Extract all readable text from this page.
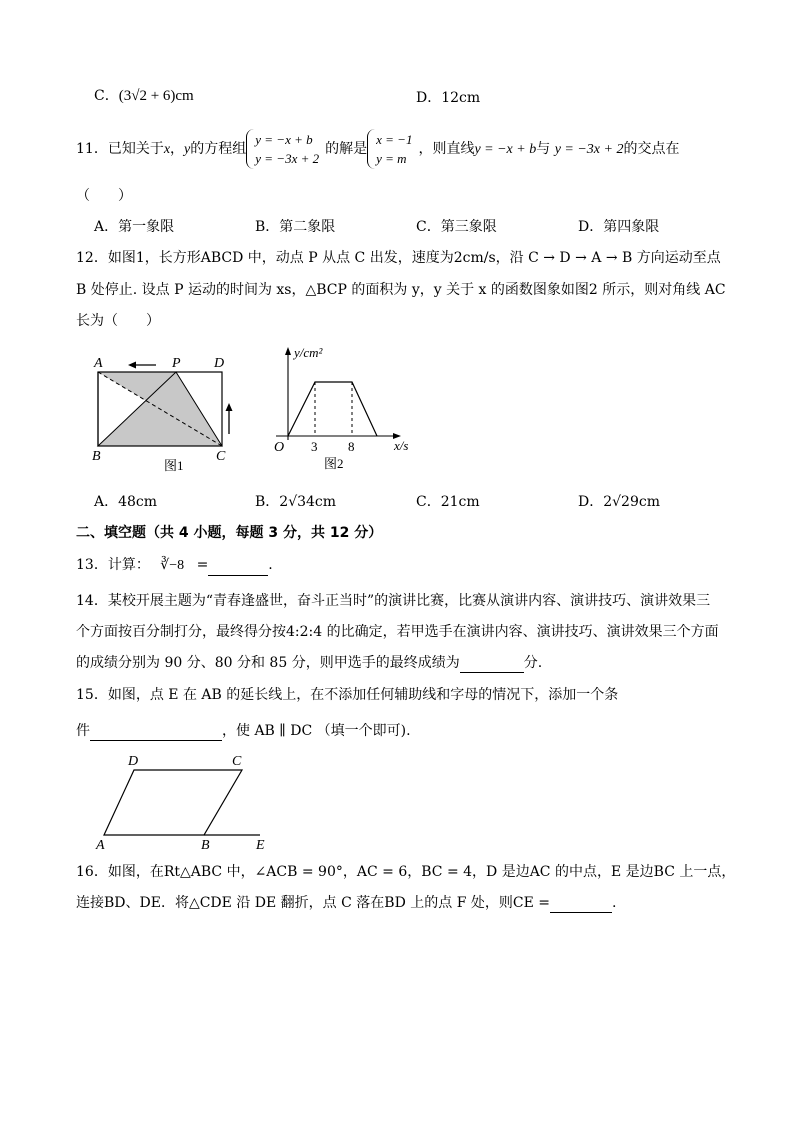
C．(3√2 + 6)cm	D．12cm
11．已知关于x，y的方程组
y = −x + b
y = −3x + 2
的解是
x = −1
y = m
，则直线y = −x + b与 y = −3x + 2的交点在
（　　）
A．第一象限	B．第二象限	C．第三象限	D．第四象限
12．如图1，长方形ABCD 中，动点 P 从点 C 出发，速度为2cm/s，沿 C → D → A → B 方向运动至点
B 处停止. 设点 P 运动的时间为 xs，△BCP 的面积为 y，y 关于 x 的函数图象如图2 所示，则对角线 AC
长为（　　）
A	P D
B	C
图1
y/cm²
x/s
O 3 8
图2
A．48cm	B．2√34cm	C．21cm	D．2√29cm
二、填空题（共 4 小题，每题 3 分，共 12 分）
13．计算： ∛−8 =	.
14．某校开展主题为“青春逢盛世，奋斗正当时”的演讲比赛，比赛从演讲内容、演讲技巧、演讲效果三
个方面按百分制打分，最终得分按4:2:4 的比确定，若甲选手在演讲内容、演讲技巧、演讲效果三个方面
的成绩分别为 90 分、80 分和 85 分，则甲选手的最终成绩为	分.
15．如图，点 E 在 AB 的延长线上，在不添加任何辅助线和字母的情况下，添加一个条
件	，使 AB ∥ DC （填一个即可).
D	C
A	B	E
16．如图，在Rt△ABC 中，∠ACB = 90°，AC = 6，BC = 4，D 是边AC 的中点，E 是边BC 上一点，
连接BD、DE．将△CDE 沿 DE 翻折，点 C 落在BD 上的点 F 处，则CE =	.
